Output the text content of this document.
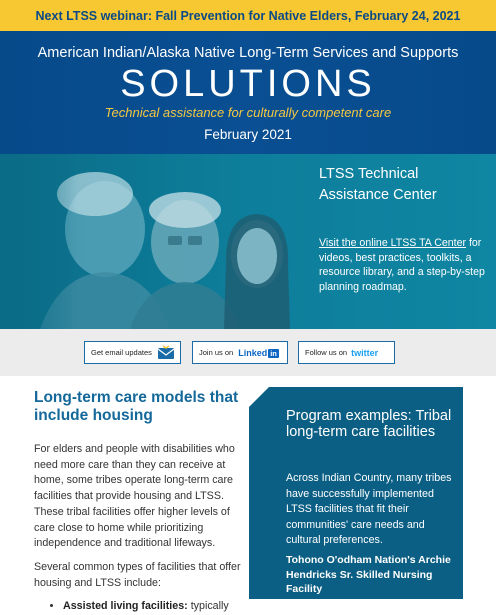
Next LTSS webinar: Fall Prevention for Native Elders, February 24, 2021
American Indian/Alaska Native Long-Term Services and Supports
SOLUTIONS
Technical assistance for culturally competent care
February 2021
LTSS Technical Assistance Center
Visit the online LTSS TA Center for videos, best practices, toolkits, a resource library, and a step-by-step planning roadmap.
Get email updates	Join us on Linked in	Follow us on twitter
Long-term care models that include housing

For elders and people with disabilities who need more care than they can receive at home, some tribes operate long-term care facilities that provide housing and LTSS. These tribal facilities offer higher levels of care close to home while prioritizing independence and traditional lifeways.

Several common types of facilities that offer housing and LTSS include:

• Assisted living facilities: typically
Program examples: Tribal long-term care facilities

Across Indian Country, many tribes have successfully implemented LTSS facilities that fit their communities' care needs and cultural preferences.

Tohono O'odham Nation's Archie Hendricks Sr. Skilled Nursing Facility
